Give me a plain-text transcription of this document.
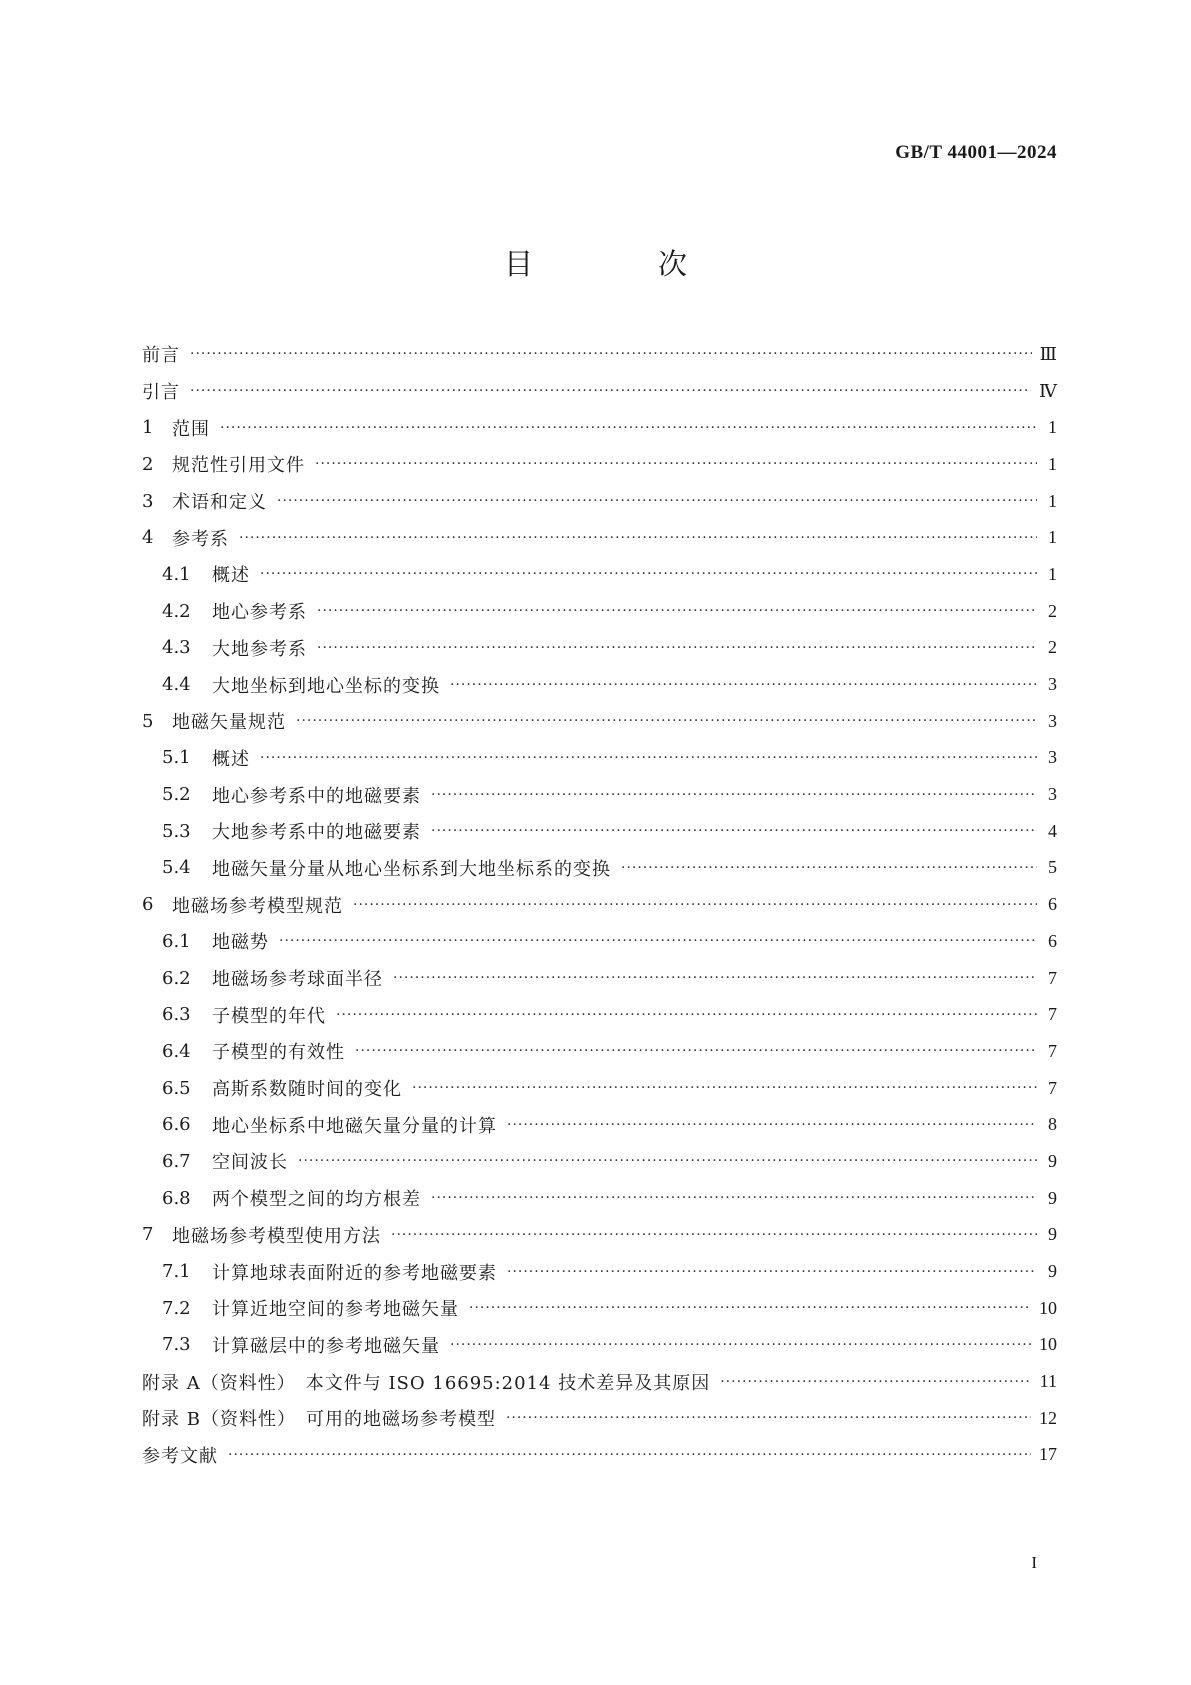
GB/T 44001—2024
目　次
前言 ·····	Ⅲ
引言 ·····	Ⅳ
1	范围 ·····	1
2	规范性引用文件 ·····	1
3	术语和定义 ·····	1
4	参考系 ·····	1
4.1	概述 ·····	1
4.2	地心参考系 ·····	2
4.3	大地参考系 ·····	2
4.4	大地坐标到地心坐标的变换 ·····	3
5	地磁矢量规范 ·····	3
5.1	概述 ·····	3
5.2	地心参考系中的地磁要素 ·····	3
5.3	大地参考系中的地磁要素 ·····	4
5.4	地磁矢量分量从地心坐标系到大地坐标系的变换 ·····	5
6	地磁场参考模型规范 ·····	6
6.1	地磁势 ·····	6
6.2	地磁场参考球面半径 ·····	7
6.3	子模型的年代 ·····	7
6.4	子模型的有效性 ·····	7
6.5	高斯系数随时间的变化 ·····	7
6.6	地心坐标系中地磁矢量分量的计算 ·····	8
6.7	空间波长 ·····	9
6.8	两个模型之间的均方根差 ·····	9
7	地磁场参考模型使用方法 ·····	9
7.1	计算地球表面附近的参考地磁要素 ·····	9
7.2	计算近地空间的参考地磁矢量 ·····	10
7.3	计算磁层中的参考地磁矢量 ·····	10
附录 A（资料性）　本文件与 ISO 16695:2014 技术差异及其原因 ·····	11
附录 B（资料性）　可用的地磁场参考模型 ·····	12
参考文献 ·····	17
I
